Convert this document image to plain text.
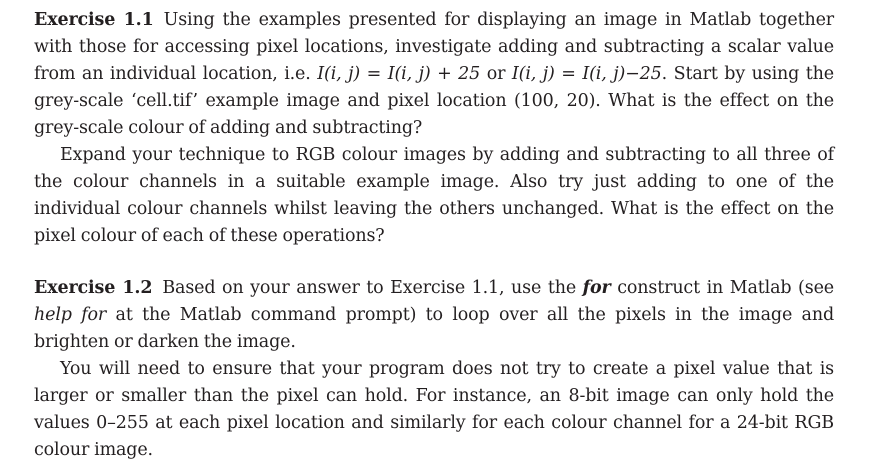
Exercise 1.1 Using the examples presented for displaying an image in Matlab together with those for accessing pixel locations, investigate adding and subtracting a scalar value from an individual location, i.e. I(i, j) = I(i, j) + 25 or I(i, j) = I(i, j)−25. Start by using the grey-scale ‘cell.tif’ example image and pixel location (100, 20). What is the effect on the grey-scale colour of adding and subtracting?

Expand your technique to RGB colour images by adding and subtracting to all three of the colour channels in a suitable example image. Also try just adding to one of the individual colour channels whilst leaving the others unchanged. What is the effect on the pixel colour of each of these operations?

Exercise 1.2 Based on your answer to Exercise 1.1, use the for construct in Matlab (see help for at the Matlab command prompt) to loop over all the pixels in the image and brighten or darken the image.

You will need to ensure that your program does not try to create a pixel value that is larger or smaller than the pixel can hold. For instance, an 8-bit image can only hold the values 0–255 at each pixel location and similarly for each colour channel for a 24-bit RGB colour image.
